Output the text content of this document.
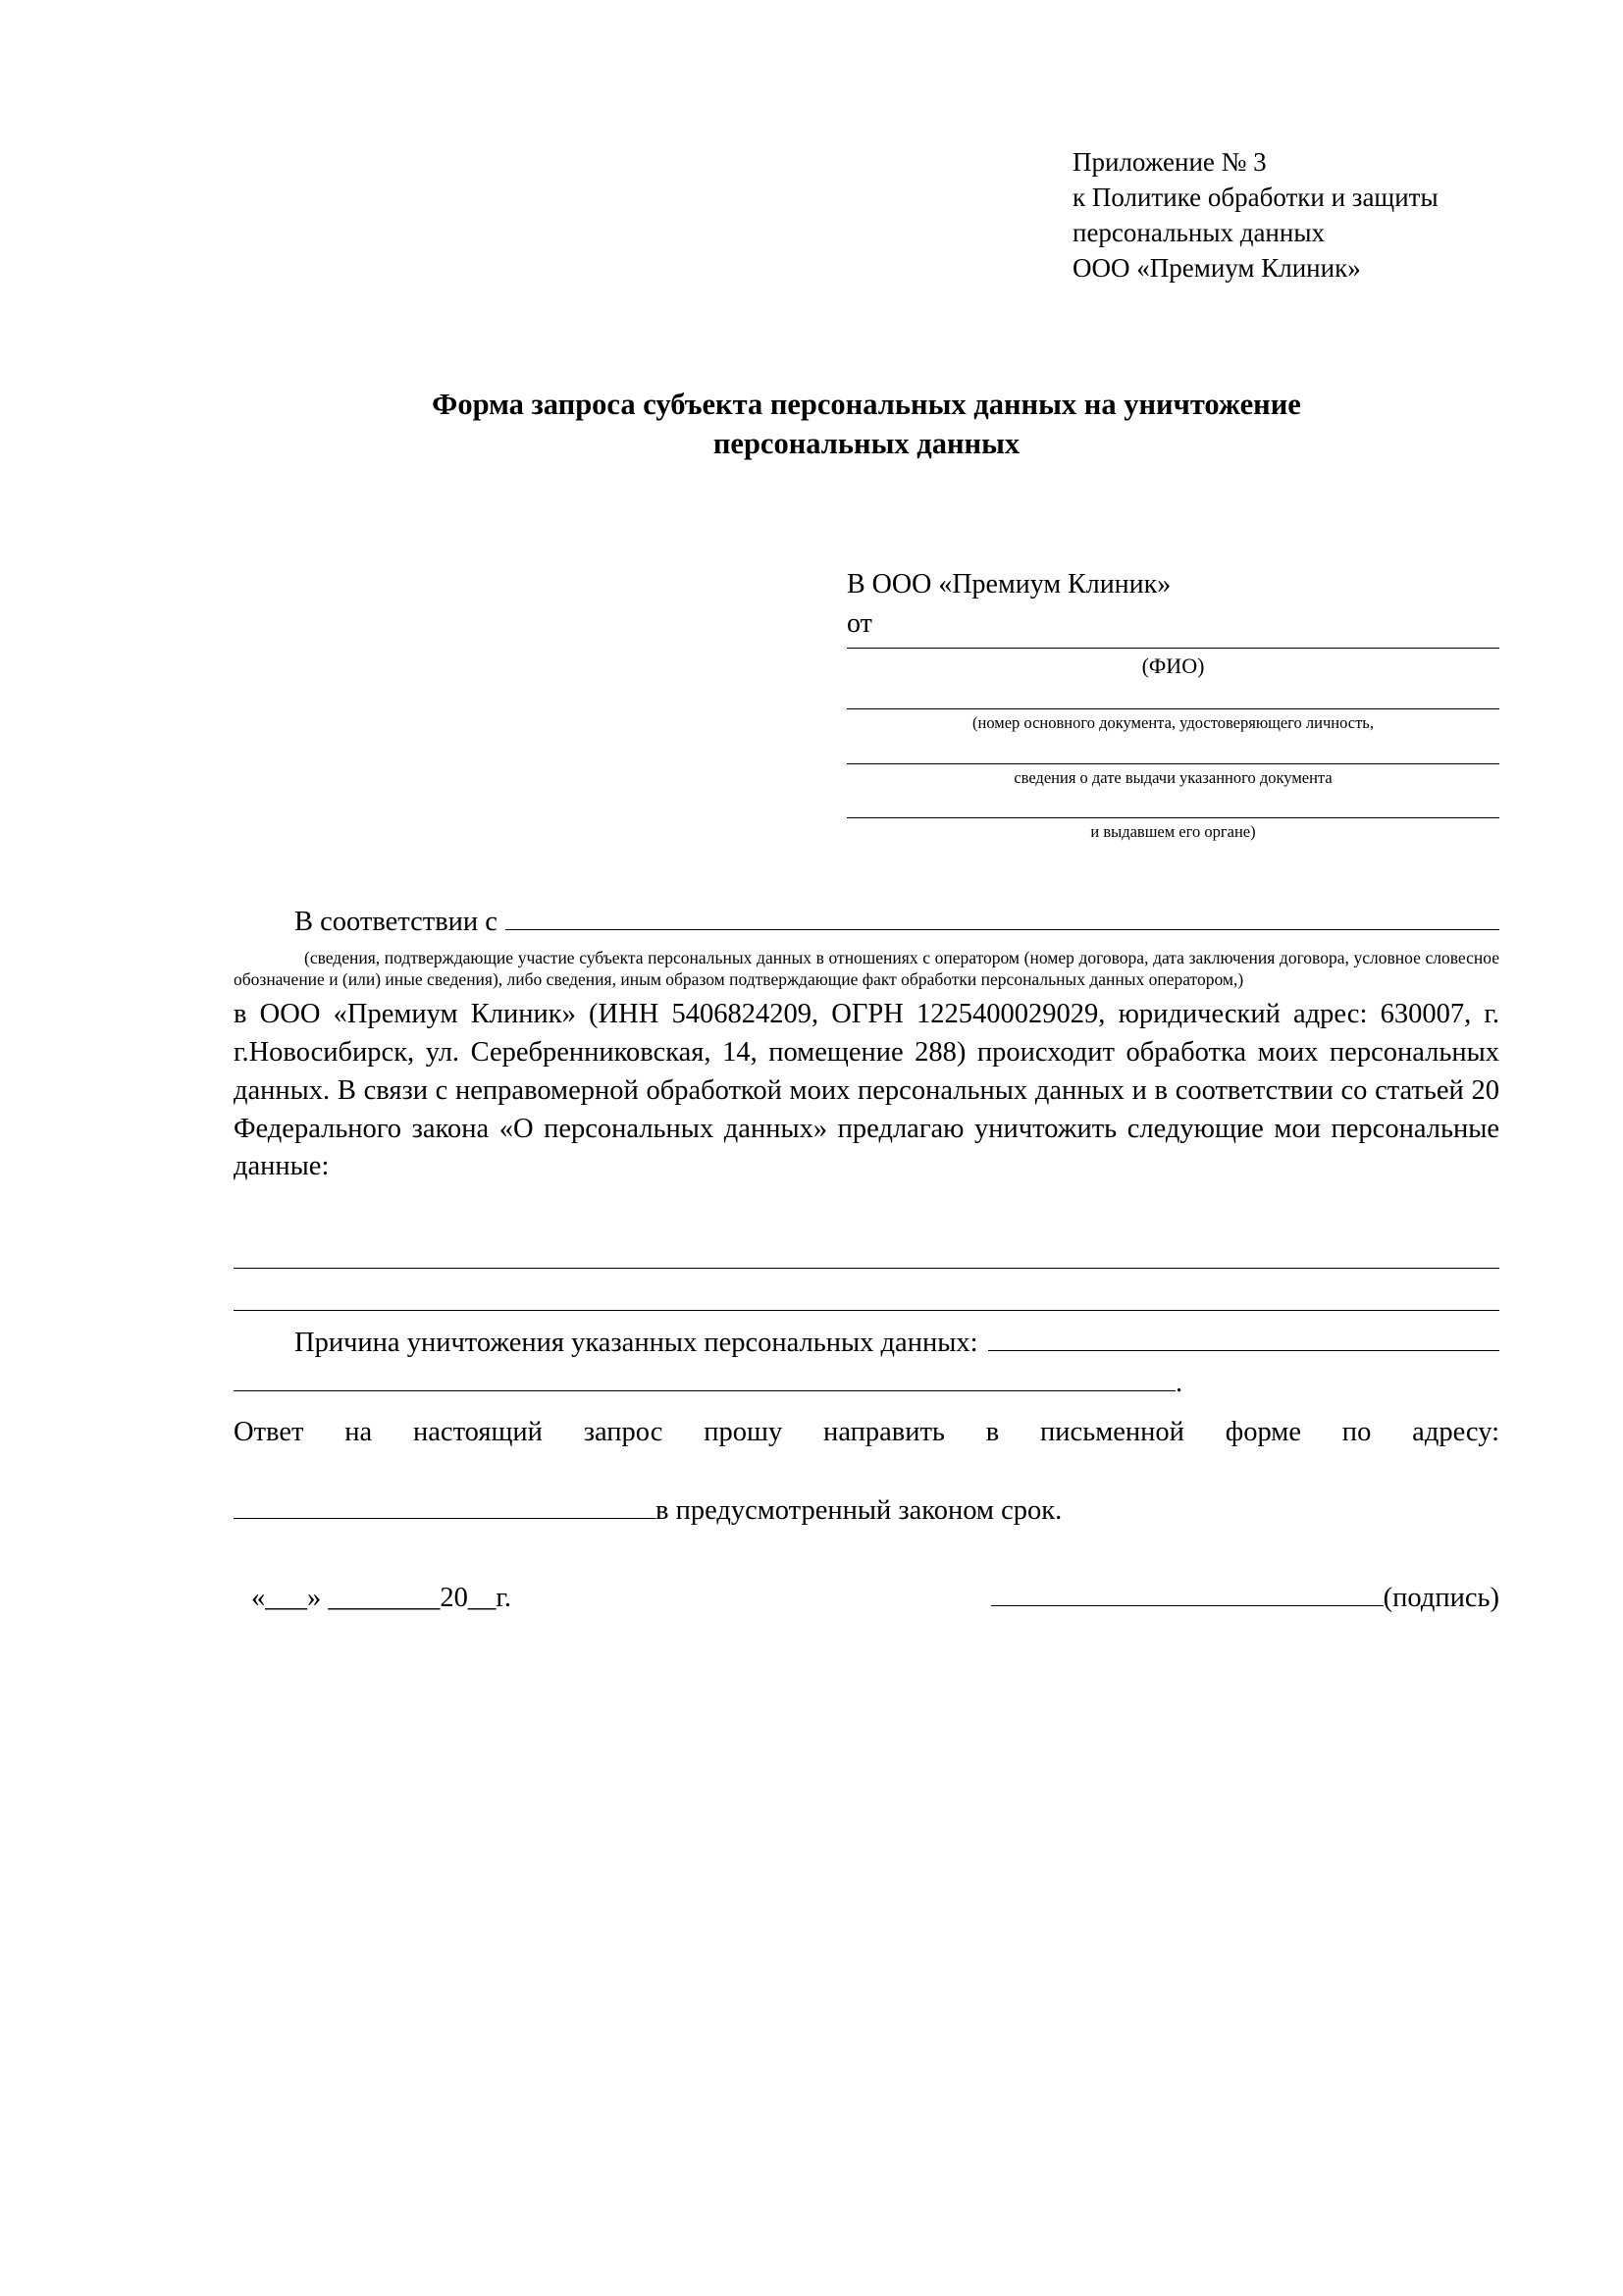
Приложение № 3
к Политике обработки и защиты
персональных данных
ООО «Премиум Клиник»
Форма запроса субъекта персональных данных на уничтожение
персональных данных
В ООО «Премиум Клиник»
от
(ФИО)
(номер основного документа, удостоверяющего личность,
сведения о дате выдачи указанного документа
и выдавшем его органе)
В соответствии с
(сведения, подтверждающие участие субъекта персональных данных в отношениях с оператором (номер договора, дата заключения договора, условное словесное обозначение и (или) иные сведения), либо сведения, иным образом подтверждающие факт обработки персональных данных оператором,)
в ООО «Премиум Клиник» (ИНН 5406824209, ОГРН 1225400029029, юридический адрес: 630007, г. г.Новосибирск, ул. Серебренниковская, 14, помещение 288) происходит обработка моих персональных данных. В связи с неправомерной обработкой моих персональных данных и в соответствии со статьей 20 Федерального закона «О персональных данных» предлагаю уничтожить следующие мои персональные данные:
Причина уничтожения указанных персональных данных:
.
Ответ на настоящий запрос прошу направить в письменной форме по адресу:
в предусмотренный законом срок.
«___» ________20__г.	(подпись)
